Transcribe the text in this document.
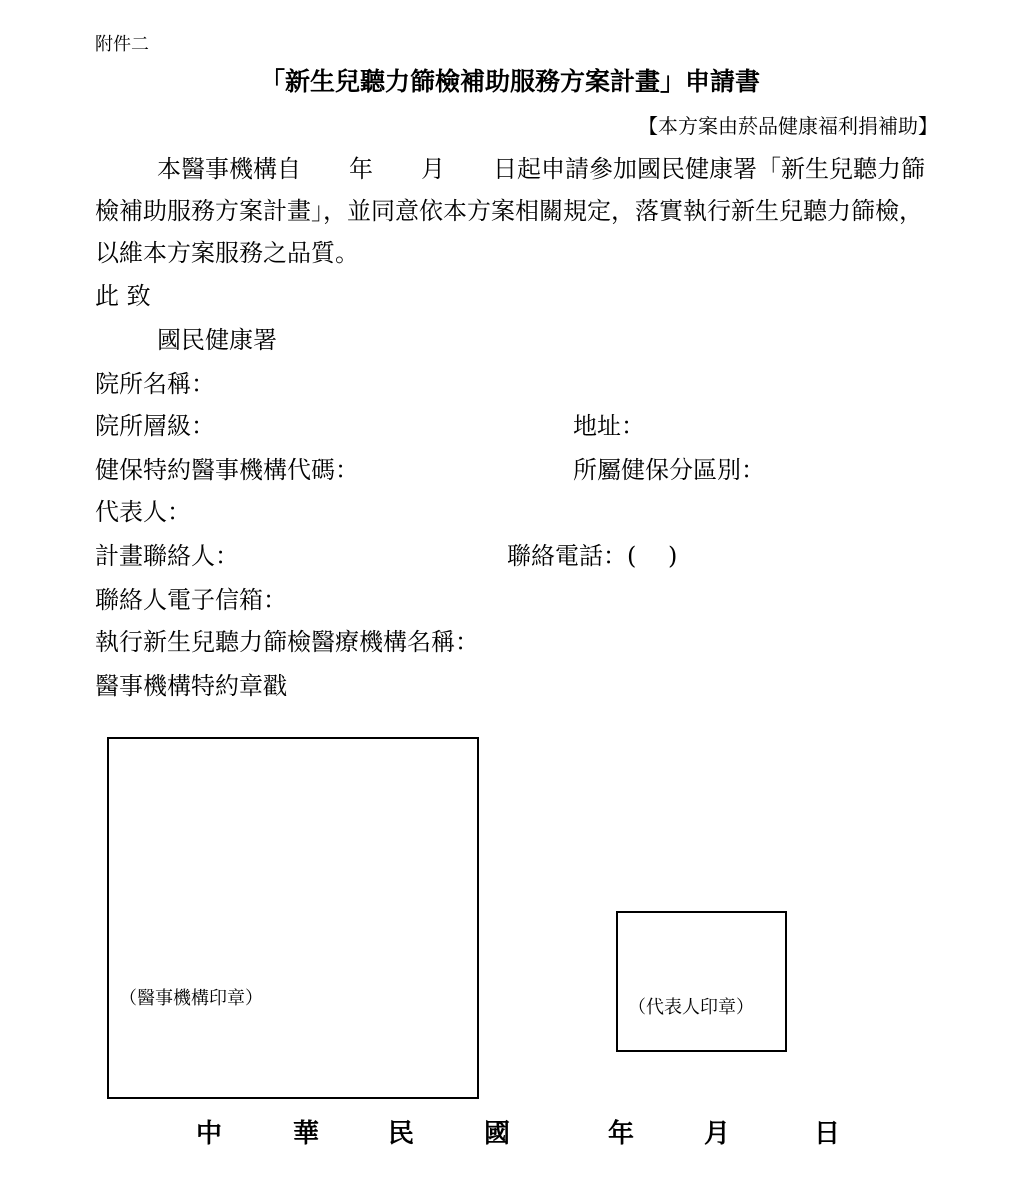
附件二
「新生兒聽力篩檢補助服務方案計畫」申請書
【本方案由菸品健康福利捐補助】
本醫事機構自 年 月 日起申請參加國民健康署「新生兒聽力篩檢補助服務方案計畫」，並同意依本方案相關規定，落實執行新生兒聽力篩檢，以維本方案服務之品質。
此 致
國民健康署
院所名稱：
院所層級：	地址：
健保特約醫事機構代碼：	所屬健保分區別：
代表人：
計畫聯絡人：	聯絡電話：(　 )
聯絡人電子信箱：
執行新生兒聽力篩檢醫療機構名稱：
醫事機構特約章戳
（醫事機構印章）	（代表人印章）
中	華	民	國	年	月	日
